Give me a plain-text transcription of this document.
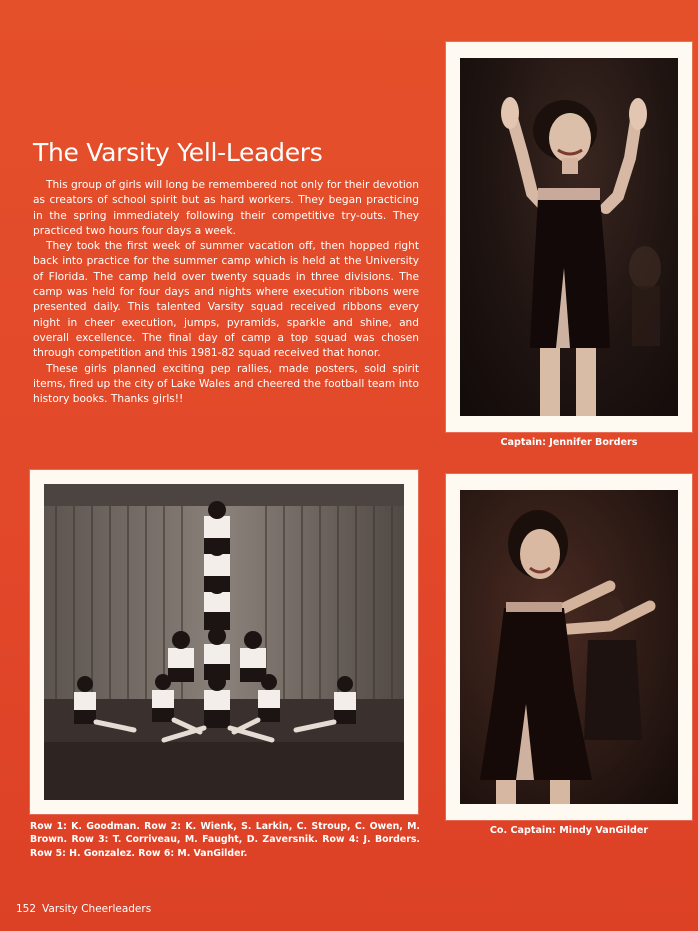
The Varsity Yell-Leaders

This group of girls will long be remembered not only for their devotion as creators of school spirit but as hard workers. They began practicing in the spring immediately following their competitive try-outs. They practiced two hours four days a week.

They took the first week of summer vacation off, then hopped right back into practice for the summer camp which is held at the University of Florida. The camp held over twenty squads in three divisions. The camp was held for four days and nights where execution ribbons were presented daily. This talented Varsity squad received ribbons every night in cheer execution, jumps, pyramids, sparkle and shine, and overall excellence. The final day of camp a top squad was chosen through competition and this 1981-82 squad received that honor.

These girls planned exciting pep rallies, made posters, sold spirit items, fired up the city of Lake Wales and cheered the football team into history books. Thanks girls!!

Captain: Jennifer Borders
Row 1: K. Goodman. Row 2: K. Wienk, S. Larkin, C. Stroup, C. Owen, M. Brown. Row 3: T. Corriveau, M. Faught, D. Zaversnik. Row 4: J. Borders. Row 5: H. Gonzalez. Row 6: M. VanGilder.
Co. Captain: Mindy VanGilder
152 Varsity Cheerleaders
